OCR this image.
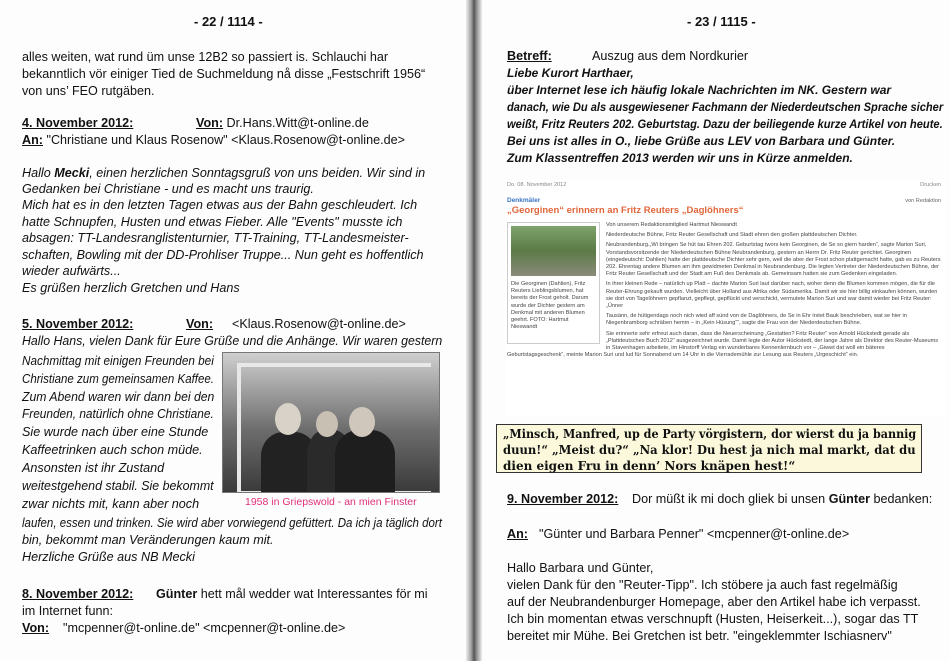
- 22 / 1114 -
alles weiten, wat rund üm unse 12B2 so passiert is. Schlauchi har
bekanntlich vör einiger Tied de Suchmeldung nå disse „Festschrift 1956“
von uns’ FEO rutgäben.
4. November 2012:	Von: Dr.Hans.Witt@t-online.de
An: "Christiane und Klaus Rosenow" <Klaus.Rosenow@t-online.de>
Hallo Mecki, einen herzlichen Sonntagsgruß von uns beiden. Wir sind in
Gedanken bei Christiane - und es macht uns traurig.
Mich hat es in den letzten Tagen etwas aus der Bahn geschleudert. Ich
hatte Schnupfen, Husten und etwas Fieber. Alle "Events" musste ich
absagen: TT-Landesranglistenturnier, TT-Training, TT-Landesmeister-
schaften, Bowling mit der DD-Prohliser Truppe... Nun geht es hoffentlich
wieder aufwärts...
Es grüßen herzlich Gretchen und Hans
5. November 2012:	Von: <Klaus.Rosenow@t-online.de>
Hallo Hans, vielen Dank für Eure Grüße und die Anhänge. Wir waren gestern
Nachmittag mit einigen Freunden bei
Christiane zum gemeinsamen Kaffee.
Zum Abend waren wir dann bei den
Freunden, natürlich ohne Christiane.
Sie wurde nach über eine Stunde
Kaffeetrinken auch schon müde.
Ansonsten ist ihr Zustand
weitestgehend stabil. Sie bekommt
zwar nichts mit, kann aber noch	1958 in Griepswold - an mien Finster
laufen, essen und trinken. Sie wird aber vorwiegend gefüttert. Da ich ja täglich dort
bin, bekommt man Veränderungen kaum mit.
Herzliche Grüße aus NB Mecki
8. November 2012: Günter hett mål wedder wat Interessantes för mi
im Internet funn:
Von: "mcpenner@t-online.de" <mcpenner@t-online.de>
- 23 / 1115 -
Betreff:	Auszug aus dem Nordkurier
Liebe Kurort Harthaer,
über Internet lese ich häufig lokale Nachrichten im NK. Gestern war
danach, wie Du als ausgewiesener Fachmann der Niederdeutschen Sprache sicher
weißt, Fritz Reuters 202. Geburtstag. Dazu der beiliegende kurze Artikel von heute.
Bei uns ist alles in O., liebe Grüße aus LEV von Barbara und Günter.
Zum Klassentreffen 2013 werden wir uns in Kürze anmelden.
9. November 2012: Dor müßt ik mi doch gliek bi unsen Günter bedanken:
An: "Günter und Barbara Penner" <mcpenner@t-online.de>
Hallo Barbara und Günter,
vielen Dank für den "Reuter-Tipp". Ich stöbere ja auch fast regelmäßig
auf der Neubrandenburger Homepage, aber den Artikel habe ich verpasst.
Ich bin momentan etwas verschnupft (Husten, Heiserkeit...), sogar das TT
bereitet mir Mühe. Bei Gretchen ist betr. "eingeklemmter Ischiasnerv"
Do. 08. November 2012	Drucken
Denkmäler	von Redaktion
„Georginen“ erinnern an Fritz Reuters „Daglöhners“
Die Georginen (Dahlien), Fritz Reuters Lieblingsblumen, hat bereits der Frost geholt. Darum wurde der Dichter gestern am Denkmal mit anderen Blumen geehrt. FOTO: Hartmut Nieswandt

Von unserem Redaktionsmitglied Hartmut Nieswandt

Niederdeutsche Bühne, Fritz Reuter Gesellschaft und Stadt ehren den großen plattdeutschen Dichter.

Neubrandenburg.„Wi bringen Se hüt tau Ehren 202. Geburtstag twors kein Georginen, de Se so giern harden“, sagte Marion Suri, Vorstandsvorsitzende der Niederdeutschen Bühne Neubrandenburg, gestern an Herrn Dr. Fritz Reuter gerichtet. Georginen (eingedeutscht: Dahlien) hatte der plattdeutsche Dichter sehr gern, weil die aber der Frost schon plattgemacht hatte, gab es zu Reuters 202. Ehrentag andere Blumen am ihm gewidmeten Denkmal in Neubrandenburg. Die legten Vertreter der Niederdeutschen Bühne, der Fritz Reuter Gesellschaft und der Stadt am Fuß des Denkmals ab. Gemeinsam hatten sie zum Gedenken eingeladen.

In ihrer kleinen Rede – natürlich up Platt – dachte Marion Suri laut darüber nach, woher denn die Blumen kommen mögen, die für die Reuter-Ehrung gekauft wurden. Vielleicht über Holland aus Afrika oder Südamerika. Damit wir sie hier billig einkaufen können, wurden sie dort von Tagelöhnern gepflanzt, gepflegt, gepflückt und verschickt, vermutete Marion Suri und war damit wieder bei Fritz Reuter: „Ünner

Tausänn, de hütigendags noch nich wied aff sünd von de Daglöhners, de Se in Ehr irstet Bauk beschrieben, wat se hier in Niegenbramborg schräben hemm – in „Kein Hüsung““, sagte die Frau von der Niederdeutschen Bühne.

Sie erinnerte sehr erfreut auch daran, dass die Neuerscheinung „Gestatten? Fritz Reuter“ von Arnold Hückstedt gerade als „Plattdeutsches Buch 2012“ ausgezeichnet wurde. Damit legte der Autor Hückstedt, der lange Jahre als Direktor des Reuter-Museums in Stavenhagen arbeitete, im Hinstorff Verlag ein wunderbares Kennenlernbuch vor – „Giwwt dat woll ein bäteres Geburtstagsgeschenk“, meinte Marion Suri und lud für Sonnabend um 14 Uhr in die Vierrademühle zur Lesung aus Reuters „Urgeschicht“ ein.

„Minsch, Manfred, up de Party vörgistern, dor wierst du ja bannig
duun!“ „Meist du?“ „Na klor! Du hest ja nich mal markt, dat du
dien eigen Fru in denn’ Nors knäpen hest!“
